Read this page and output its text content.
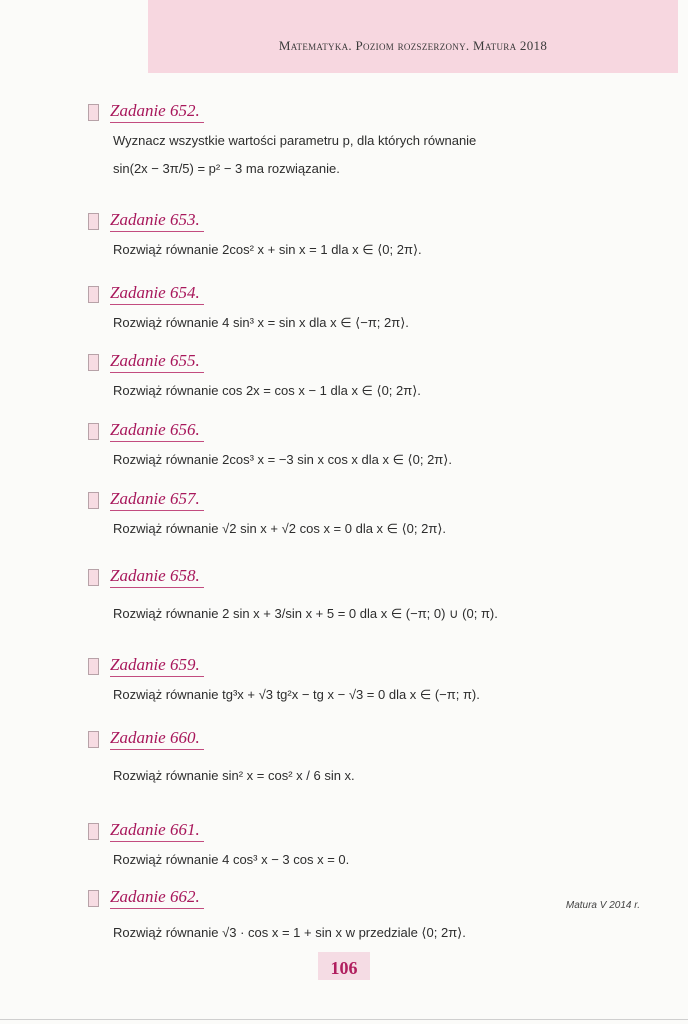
Matematyka. Poziom rozszerzony. Matura 2018
Zadanie 652.
Wyznacz wszystkie wartości parametru p, dla których równanie
sin(2x − 3π/5) = p² − 3 ma rozwiązanie.
Zadanie 653.
Rozwiąż równanie 2cos² x + sin x = 1 dla x ∈ ⟨0; 2π⟩.
Zadanie 654.
Rozwiąż równanie 4 sin³ x = sin x dla x ∈ ⟨−π; 2π⟩.
Zadanie 655.
Rozwiąż równanie cos 2x = cos x − 1 dla x ∈ ⟨0; 2π⟩.
Zadanie 656.
Rozwiąż równanie 2cos³ x = −3 sin x cos x dla x ∈ ⟨0; 2π⟩.
Zadanie 657.
Rozwiąż równanie √2 sin x + √2 cos x = 0 dla x ∈ ⟨0; 2π⟩.
Zadanie 658.
Rozwiąż równanie 2 sin x + 3/sin x + 5 = 0 dla x ∈ (−π; 0) ∪ (0; π).
Zadanie 659.
Rozwiąż równanie tg³x + √3 tg²x − tg x − √3 = 0 dla x ∈ (−π; π).
Zadanie 660.
Rozwiąż równanie sin² x = cos² x / 6 sin x.
Zadanie 661.
Rozwiąż równanie 4 cos³ x − 3 cos x = 0.
Zadanie 662.
Rozwiąż równanie √3 · cos x = 1 + sin x w przedziale ⟨0; 2π⟩.
Matura V 2014 r.
106
